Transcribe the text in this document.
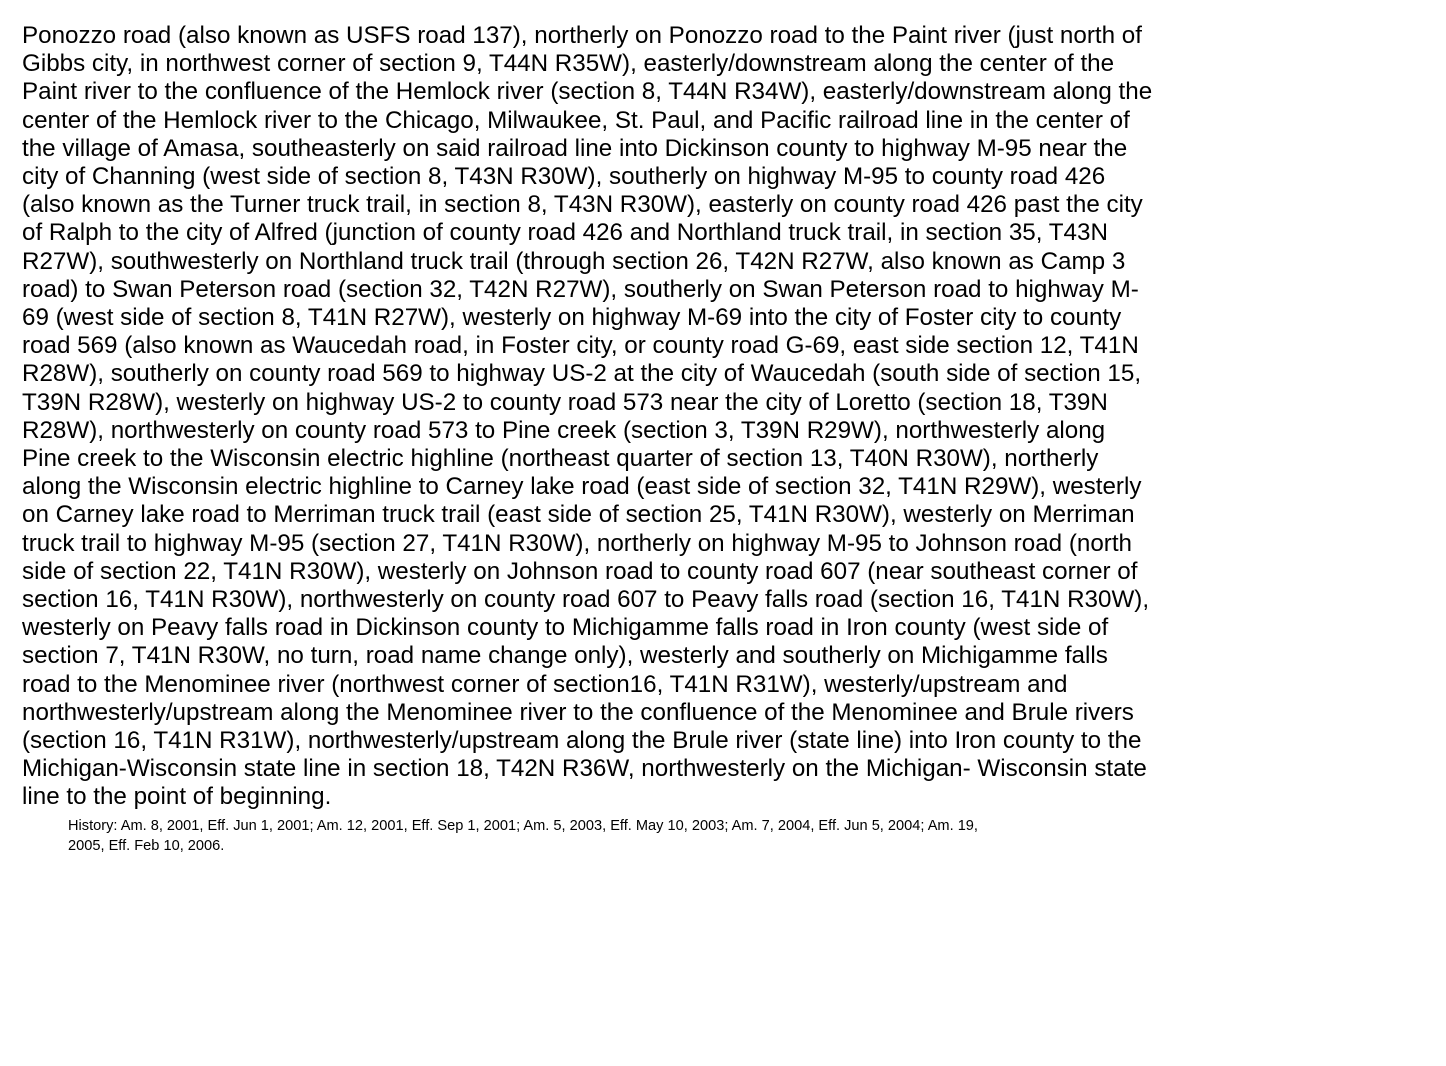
Ponozzo road (also known as USFS road 137), northerly on Ponozzo road to the Paint river (just north of
Gibbs city, in northwest corner of section 9, T44N R35W), easterly/downstream along the center of the
Paint river to the confluence of the Hemlock river (section 8, T44N R34W), easterly/downstream along the
center of the Hemlock river to the Chicago, Milwaukee, St. Paul, and Pacific railroad line in the center of
the village of Amasa, southeasterly on said railroad line into Dickinson county to highway M-95 near the
city of Channing (west side of section 8, T43N R30W), southerly on highway M-95 to county road 426
(also known as the Turner truck trail, in section 8, T43N R30W), easterly on county road 426 past the city
of Ralph to the city of Alfred (junction of county road 426 and Northland truck trail, in section 35, T43N
R27W), southwesterly on Northland truck trail (through section 26, T42N R27W, also known as Camp 3
road) to Swan Peterson road (section 32, T42N R27W), southerly on Swan Peterson road to highway M-
69 (west side of section 8, T41N R27W), westerly on highway M-69 into the city of Foster city to county
road 569 (also known as Waucedah road, in Foster city, or county road G-69, east side section 12, T41N
R28W), southerly on county road 569 to highway US-2 at the city of Waucedah (south side of section 15,
T39N R28W), westerly on highway US-2 to county road 573 near the city of Loretto (section 18, T39N
R28W), northwesterly on county road 573 to Pine creek (section 3, T39N R29W), northwesterly along
Pine creek to the Wisconsin electric highline (northeast quarter of section 13, T40N R30W), northerly
along the Wisconsin electric highline to Carney lake road (east side of section 32, T41N R29W), westerly
on Carney lake road to Merriman truck trail (east side of section 25, T41N R30W), westerly on Merriman
truck trail to highway M-95 (section 27, T41N R30W), northerly on highway M-95 to Johnson road (north
side of section 22, T41N R30W), westerly on Johnson road to county road 607 (near southeast corner of
section 16, T41N R30W), northwesterly on county road 607 to Peavy falls road (section 16, T41N R30W),
westerly on Peavy falls road in Dickinson county to Michigamme falls road in Iron county (west side of
section 7, T41N R30W, no turn, road name change only), westerly and southerly on Michigamme falls
road to the Menominee river (northwest corner of section16, T41N R31W), westerly/upstream and
northwesterly/upstream along the Menominee river to the confluence of the Menominee and Brule rivers
(section 16, T41N R31W), northwesterly/upstream along the Brule river (state line) into Iron county to the
Michigan-Wisconsin state line in section 18, T42N R36W, northwesterly on the Michigan- Wisconsin state
line to the point of beginning.

History: Am. 8, 2001, Eff. Jun 1, 2001; Am. 12, 2001, Eff. Sep 1, 2001; Am. 5, 2003, Eff. May 10, 2003; Am. 7, 2004, Eff. Jun 5, 2004; Am. 19,
2005, Eff. Feb 10, 2006.
